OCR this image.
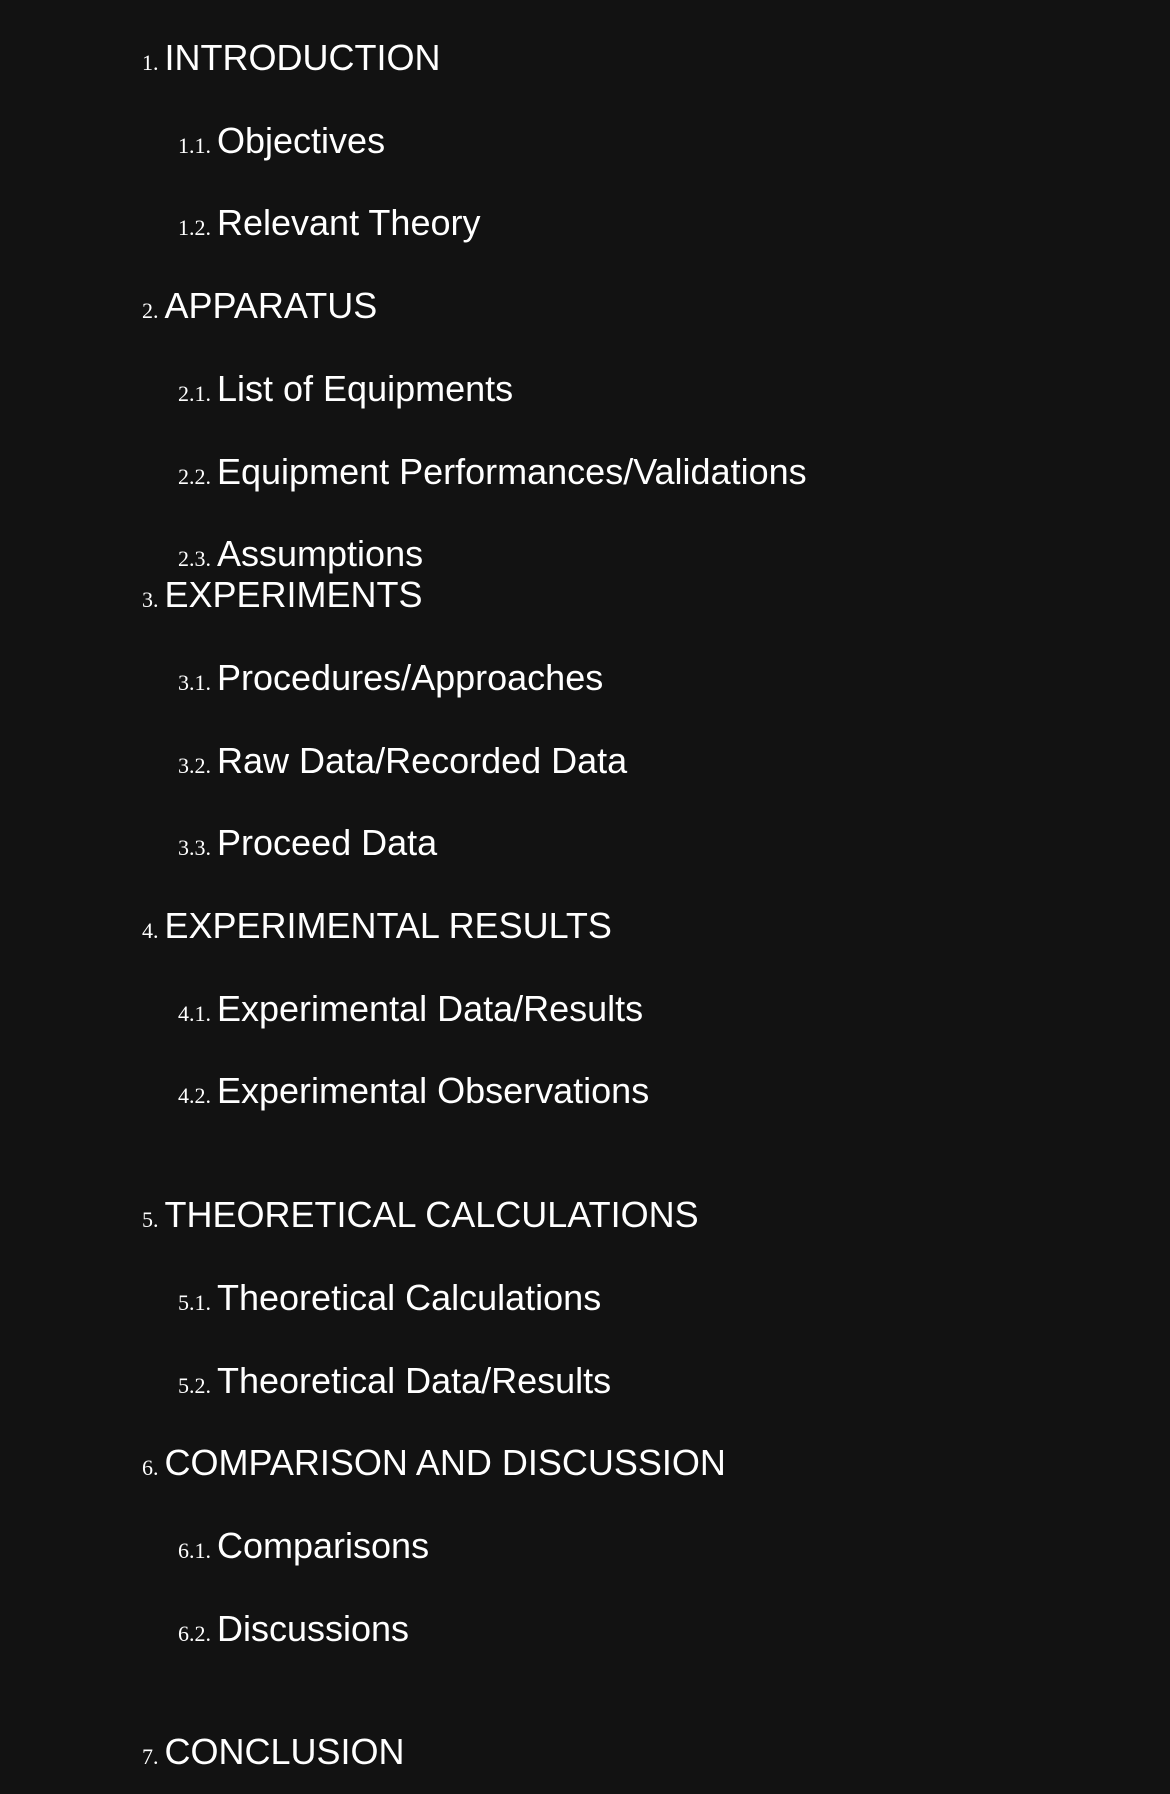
1. INTRODUCTION
1.1. Objectives
1.2. Relevant Theory
2. APPARATUS
2.1. List of Equipments
2.2. Equipment Performances/Validations
2.3. Assumptions
3. EXPERIMENTS
3.1. Procedures/Approaches
3.2. Raw Data/Recorded Data
3.3. Proceed Data
4. EXPERIMENTAL RESULTS
4.1. Experimental Data/Results
4.2. Experimental Observations
5. THEORETICAL CALCULATIONS
5.1. Theoretical Calculations
5.2. Theoretical Data/Results
6. COMPARISON AND DISCUSSION
6.1. Comparisons
6.2. Discussions
7. CONCLUSION
